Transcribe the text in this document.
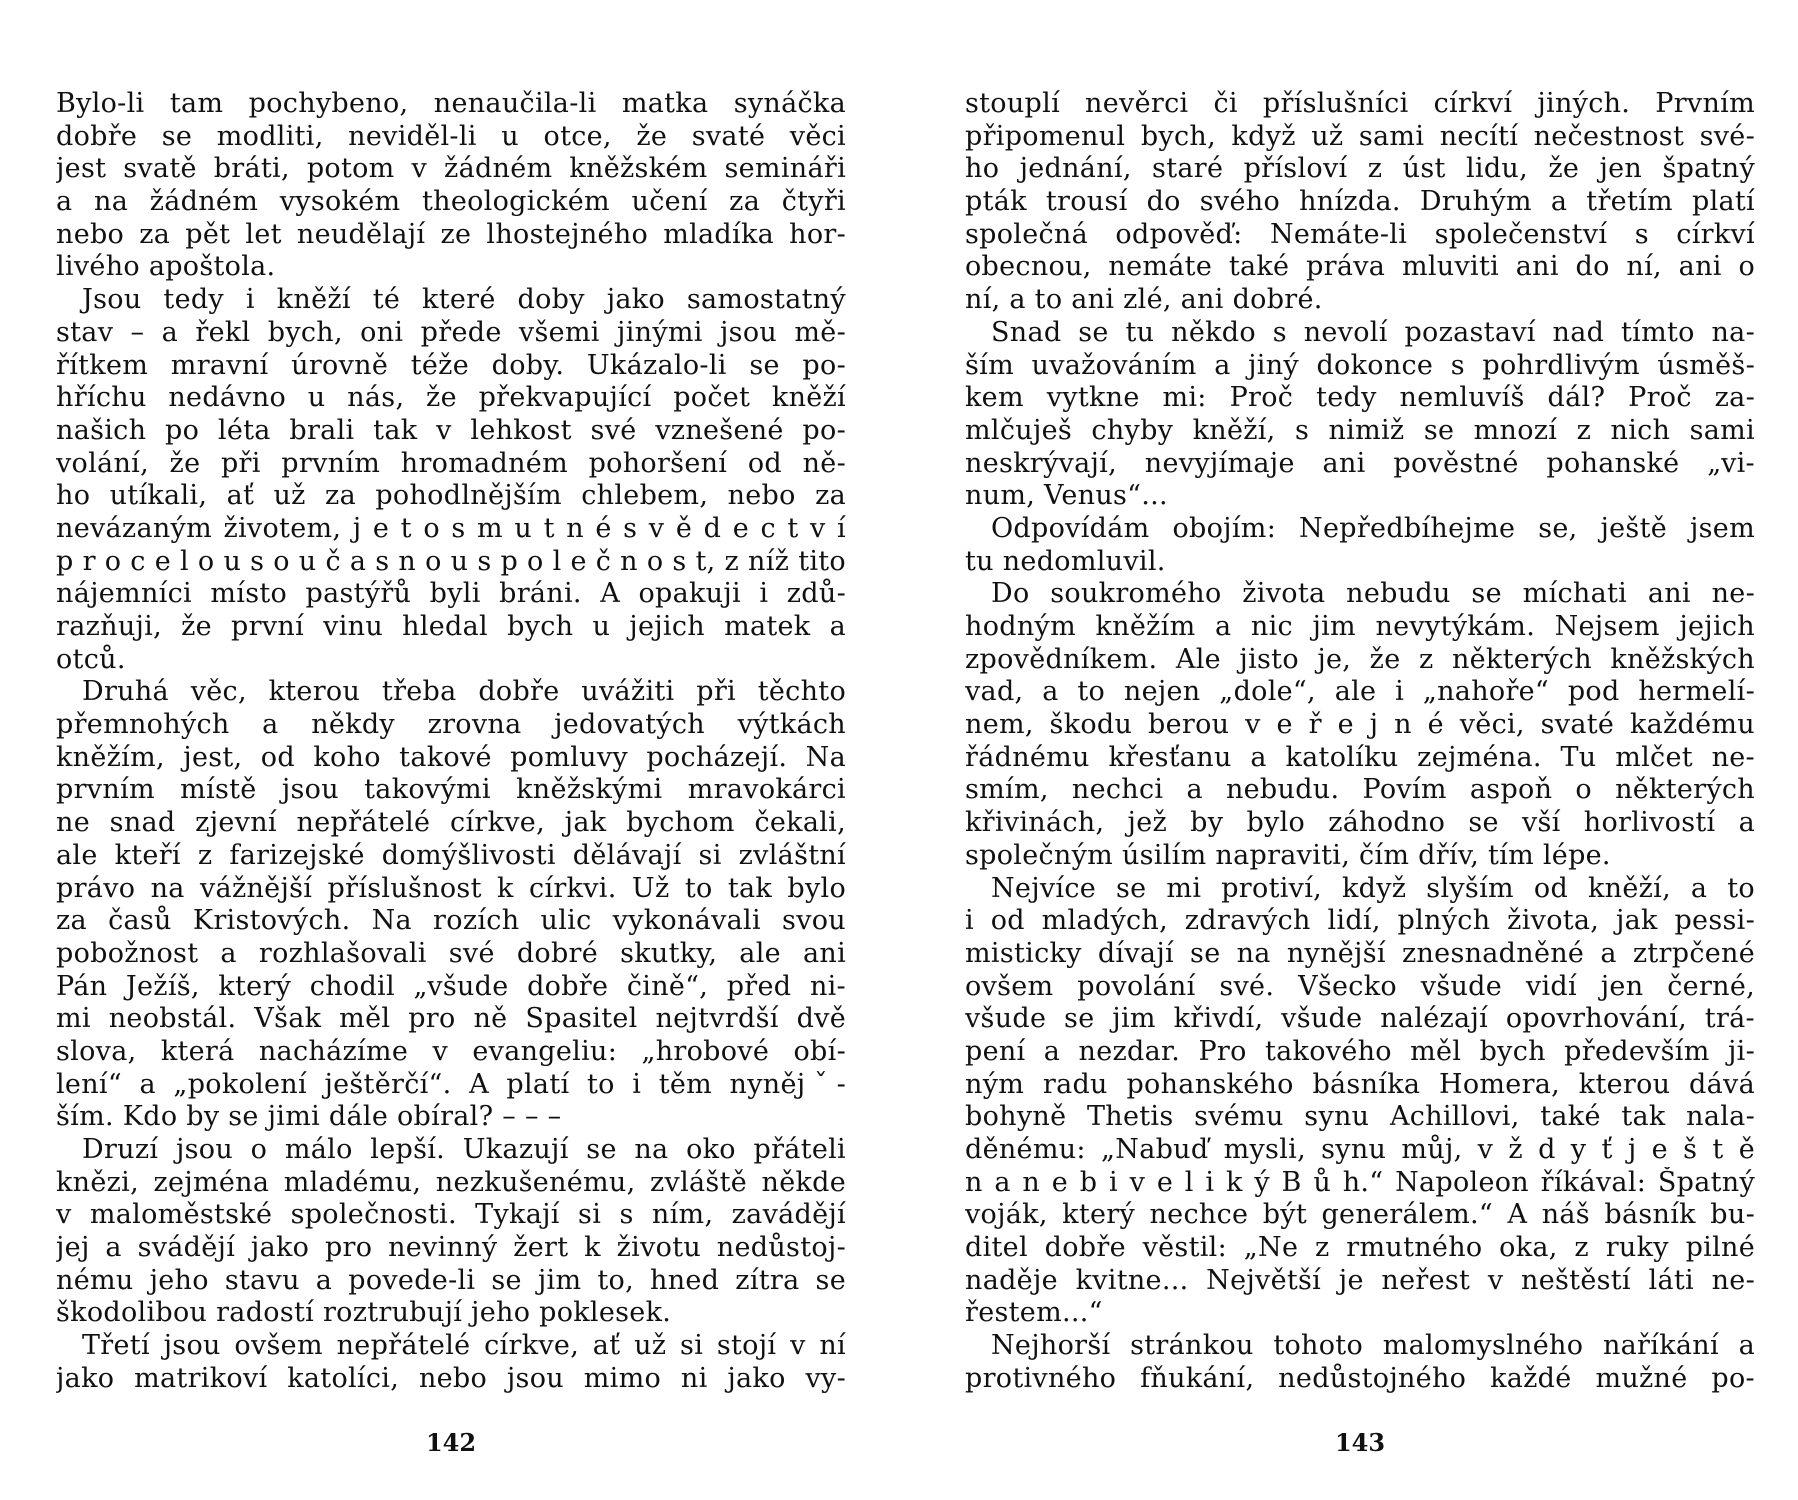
Bylo-li tam pochybeno, nenaučila-li matka synáčka
dobře se modliti, neviděl-li u otce, že svaté věci
jest svatě bráti, potom v žádném kněžském semináři
a na žádném vysokém theologickém učení za čtyři
nebo za pět let neudělají ze lhostejného mladíka hor-
livého apoštola.
Jsou tedy i kněží té které doby jako samostatný
stav – a řekl bych, oni přede všemi jinými jsou mě-
řítkem mravní úrovně téže doby. Ukázalo-li se po-
hříchu nedávno u nás, že překvapující počet kněží
našich po léta brali tak v lehkost své vznešené po-
volání, že při prvním hromadném pohoršení od ně-
ho utíkali, ať už za pohodlnějším chlebem, nebo za
nevázaným životem, j e t o s m u t n é s v ě d e c t v í
p r o c e l o u s o u č a s n o u s p o l e č n o s t, z níž tito
nájemníci místo pastýřů byli bráni. A opakuji i zdů-
razňuji, že první vinu hledal bych u jejich matek a
otců.
Druhá věc, kterou třeba dobře uvážiti při těchto
přemnohých a někdy zrovna jedovatých výtkách
kněžím, jest, od koho takové pomluvy pocházejí. Na
prvním místě jsou takovými kněžskými mravokárci
ne snad zjevní nepřátelé církve, jak bychom čekali,
ale kteří z farizejské domýšlivosti dělávají si zvláštní
právo na vážnější příslušnost k církvi. Už to tak bylo
za časů Kristových. Na rozích ulic vykonávali svou
pobožnost a rozhlašovali své dobré skutky, ale ani
Pán Ježíš, který chodil „všude dobře čině“, před ni-
mi neobstál. Však měl pro ně Spasitel nejtvrdší dvě
slova, která nacházíme v evangeliu: „hrobové obí-
lení“ a „pokolení ještěrčí“. A platí to i těm nynějˇ-
ším. Kdo by se jimi dále obíral? – – –
Druzí jsou o málo lepší. Ukazují se na oko přáteli
knězi, zejména mladému, nezkušenému, zvláště někde
v maloměstské společnosti. Tykají si s ním, zavádějí
jej a svádějí jako pro nevinný žert k životu nedůstoj-
nému jeho stavu a povede-li se jim to, hned zítra se
škodolibou radostí roztrubují jeho poklesek.
Třetí jsou ovšem nepřátelé církve, ať už si stojí v ní
jako matrikoví katolíci, nebo jsou mimo ni jako vy-
142
stouplí nevěrci či příslušníci církví jiných. Prvním
připomenul bych, když už sami necítí nečestnost své-
ho jednání, staré přísloví z úst lidu, že jen špatný
pták trousí do svého hnízda. Druhým a třetím platí
společná odpověď: Nemáte-li společenství s církví
obecnou, nemáte také práva mluviti ani do ní, ani o
ní, a to ani zlé, ani dobré.
Snad se tu někdo s nevolí pozastaví nad tímto na-
ším uvažováním a jiný dokonce s pohrdlivým úsměš-
kem vytkne mi: Proč tedy nemluvíš dál? Proč za-
mlčuješ chyby kněží, s nimiž se mnozí z nich sami
neskrývají, nevyjímaje ani pověstné pohanské „vi-
num, Venus“...
Odpovídám obojím: Nepředbíhejme se, ještě jsem
tu nedomluvil.
Do soukromého života nebudu se míchati ani ne-
hodným kněžím a nic jim nevytýkám. Nejsem jejich
zpovědníkem. Ale jisto je, že z některých kněžských
vad, a to nejen „dole“, ale i „nahoře“ pod hermelí-
nem, škodu berou v e ř e j n é věci, svaté každému
řádnému křesťanu a katolíku zejména. Tu mlčet ne-
smím, nechci a nebudu. Povím aspoň o některých
křivinách, jež by bylo záhodno se vší horlivostí a
společným úsilím napraviti, čím dřív, tím lépe.
Nejvíce se mi protiví, když slyším od kněží, a to
i od mladých, zdravých lidí, plných života, jak pessi-
misticky dívají se na nynější znesnadněné a ztrpčené
ovšem povolání své. Všecko všude vidí jen černé,
všude se jim křivdí, všude nalézají opovrhování, trá-
pení a nezdar. Pro takového měl bych především ji-
ným radu pohanského básníka Homera, kterou dává
bohyně Thetis svému synu Achillovi, také tak nala-
děnému: „Nabuď mysli, synu můj, v ž d y ť j e š t ě
n a n e b i v e l i k ý B ů h.“ Napoleon říkával: Špatný
voják, který nechce být generálem.“ A náš básník bu-
ditel dobře věstil: „Ne z rmutného oka, z ruky pilné
naděje kvitne... Největší je neřest v neštěstí láti ne-
řestem...“
Nejhorší stránkou tohoto malomyslného naříkání a
protivného fňukání, nedůstojného každé mužné po-
143
